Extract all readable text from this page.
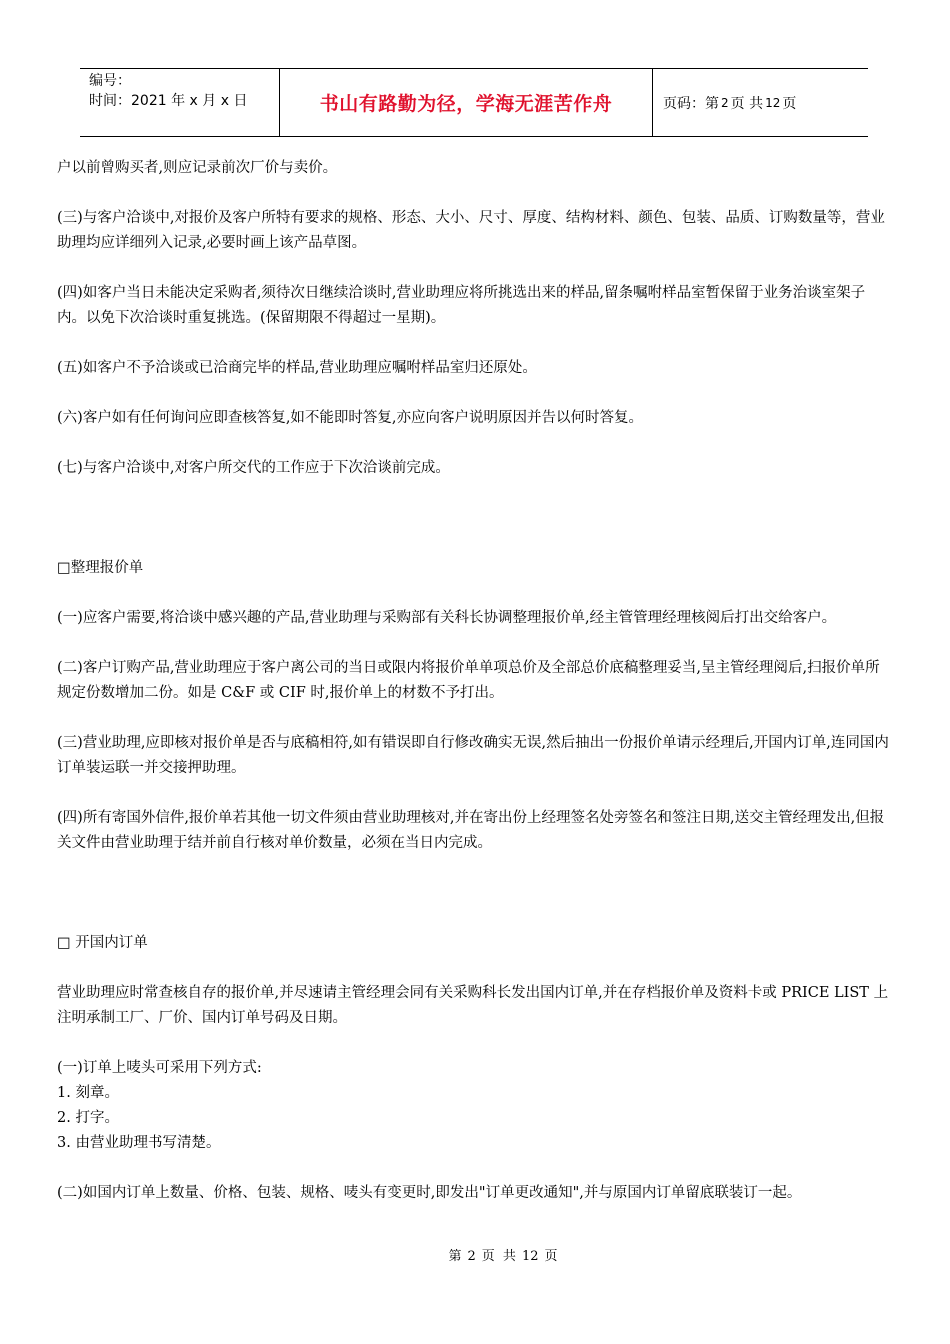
编号：
时间：2021 年 x 月 x 日	书山有路勤为径，学海无涯苦作舟	页码：第 2 页 共 12 页

户以前曾购买者,则应记录前次厂价与卖价。

(三)与客户洽谈中,对报价及客户所特有要求的规格、形态、大小、尺寸、厚度、结构材料、颜色、包装、品质、订购数量等，营业助理均应详细列入记录,必要时画上该产品草图。

(四)如客户当日未能决定采购者,须待次日继续洽谈时,营业助理应将所挑选出来的样品,留条嘱咐样品室暂保留于业务治谈室架子内。以免下次洽谈时重复挑选。(保留期限不得超过一星期)。

(五)如客户不予洽谈或已洽商完毕的样品,营业助理应嘱咐样品室归还原处。

(六)客户如有任何询问应即查核答复,如不能即时答复,亦应向客户说明原因并告以何时答复。

(七)与客户洽谈中,对客户所交代的工作应于下次洽谈前完成。

□整理报价单

(一)应客户需要,将洽谈中感兴趣的产品,营业助理与采购部有关科长协调整理报价单,经主管管理经理核阅后打出交给客户。

(二)客户订购产品,营业助理应于客户离公司的当日或限内将报价单单项总价及全部总价底稿整理妥当,呈主管经理阅后,扫报价单所规定份数增加二份。如是 C&F 或 CIF 时,报价单上的材数不予打出。

(三)营业助理,应即核对报价单是否与底稿相符,如有错误即自行修改确实无误,然后抽出一份报价单请示经理后,开国内订单,连同国内订单装运联一并交接押助理。

(四)所有寄国外信件,报价单若其他一切文件须由营业助理核对,并在寄出份上经理签名处旁签名和签注日期,送交主管经理发出,但报关文件由营业助理于结并前自行核对单价数量，必须在当日内完成。

□ 开国内订单

营业助理应时常查核自存的报价单,并尽速请主管经理会同有关采购科长发出国内订单,并在存档报价单及资料卡或 PRICE LIST 上注明承制工厂、厂价、国内订单号码及日期。

(一)订单上唛头可采用下列方式:
1. 刻章。
2. 打字。
3. 由营业助理书写清楚。

(二)如国内订单上数量、价格、包装、规格、唛头有变更时,即发出"订单更改通知",并与原国内订单留底联装订一起。

第 2 页 共 12 页
